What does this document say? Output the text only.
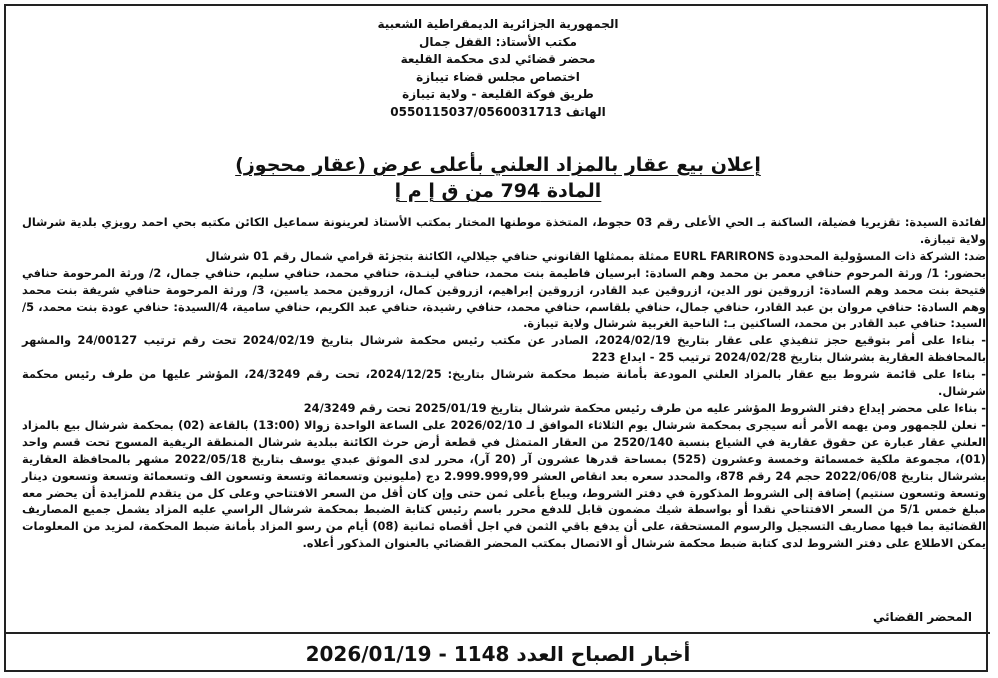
الجمهورية الجزائرية الديمقراطية الشعبية
مكتب الأستاذ: القفل جمال
محضر قضائي لدى محكمة القليعة
اختصاص مجلس قضاء تيبازة
طريق فوكة القليعة - ولاية تيبازة
الهاتف 0550115037/0560031713
إعلان بيع عقار بالمزاد العلني بأعلى عرض (عقار محجوز)
المادة 794 من ق إ م إ
لفائدة السيدة: تقزيريا فضيلة، الساكنة بـ الحي الأعلى رقم 03 حجوط، المتخذة موطنها المختار بمكتب الأستاذ لعرينونة سماعيل الكائن مكتبه بحي احمد رويزي بلدية شرشال ولاية تيبازة.
ضد: الشركة ذات المسؤولية المحدودة EURL FARIRONS ممثلة بممثلها القانوني حنافي جيلالي، الكائنة بتجزئة قرامي شمال رقم 01 شرشال
بحضور: 1/ ورثة المرحوم حنافي معمر بن محمد وهم السادة: ابرسيان فاطيمة بنت محمد، حنافي لينـدة، حنافي محمد، حنافي سليم، حنافي جمال، 2/ ورثة المرحومة حنافي فتيحة بنت محمد وهم السادة: ازروقين نور الدين، ازروقين عبد القادر، ازروقين إبراهيم، ازروقين كمال، ازروقين محمد ياسين، 3/ ورثة المرحومة حنافي شريفة بنت محمد وهم السادة: حنافي مروان بن عبد القادر، حنافي جمال، حنافي بلقاسم، حنافي محمد، حنافي رشيدة، حنافي عبد الكريم، حنافي سامية، 4/السيدة: حنافي عودة بنت محمد، 5/السيد: حنافي عبد القادر بن محمد، الساكنين بـ: الناحية الغربية شرشال ولاية تيبازة.
- بناءا على أمر بتوقيع حجز تنفيذي على عقار بتاريخ 2024/02/19، الصادر عن مكتب رئيس محكمة شرشال بتاريخ 2024/02/19 تحت رقم ترتيب 24/00127 والمشهر بالمحافظة العقارية بشرشال بتاريخ 2024/02/28 ترتيب 25 - ايداع 223
- بناءا على قائمة شروط بيع عقار بالمزاد العلني المودعة بأمانة ضبط محكمة شرشال بتاريخ: 2024/12/25، تحت رقم 24/3249، المؤشر عليها من طرف رئيس محكمة شرشال.
- بناءا على محضر إيداع دفتر الشروط المؤشر عليه من طرف رئيس محكمة شرشال بتاريخ 2025/01/19 تحت رقم 24/3249
- نعلن للجمهور ومن يهمه الأمر أنه سيجرى بمحكمة شرشال يوم الثلاثاء الموافق لـ 2026/02/10 على الساعة الواحدة زوالا (13:00) بالقاعة (02) بمحكمة شرشال بيع بالمزاد العلني عقار عبارة عن حقوق عقارية في الشياع بنسبة 2520/140 من العقار المتمثل في قطعة أرض حرث الكائنة ببلدية شرشال المنطقة الريفية المسوح تحت قسم واحد (01)، مجموعة ملكية خمسمائة وخمسة وعشرون (525) بمساحة قدرها عشرون آر (20 آر)، محرر لدى الموثق عبدي يوسف بتاريخ 2022/05/18 مشهر بالمحافظة العقارية بشرشال بتاريخ 2022/06/08 حجم 24 رقم 878، والمحدد سعره بعد انقاص العشر 2.999.999,99 دج (مليونين وتسعمائة وتسعة وتسعون الف وتسعمائة وتسعة وتسعون دينار وتسعة وتسعون سنتيم) إضافة إلى الشروط المذكورة في دفتر الشروط، ويباع بأعلى ثمن حتى وإن كان أقل من السعر الافتتاحي وعلى كل من يتقدم للمزايدة أن يحضر معه مبلغ خمس 5/1 من السعر الافتتاحي نقدا أو بواسطة شيك مضمون قابل للدفع محرر باسم رئيس كتابة الضبط بمحكمة شرشال الراسي عليه المزاد يشمل جميع المصاريف القضائية بما فيها مصاريف التسجيل والرسوم المستحقة، على أن يدفع باقي الثمن في اجل أقصاه ثمانية (08) أيام من رسو المزاد بأمانة ضبط المحكمة، لمزيد من المعلومات يمكن الاطلاع على دفتر الشروط لدى كتابة ضبط محكمة شرشال أو الاتصال بمكتب المحضر القضائي بالعنوان المذكور أعلاه.
المحضر القضائي
أخبار الصباح العدد 1148 - 2026/01/19
